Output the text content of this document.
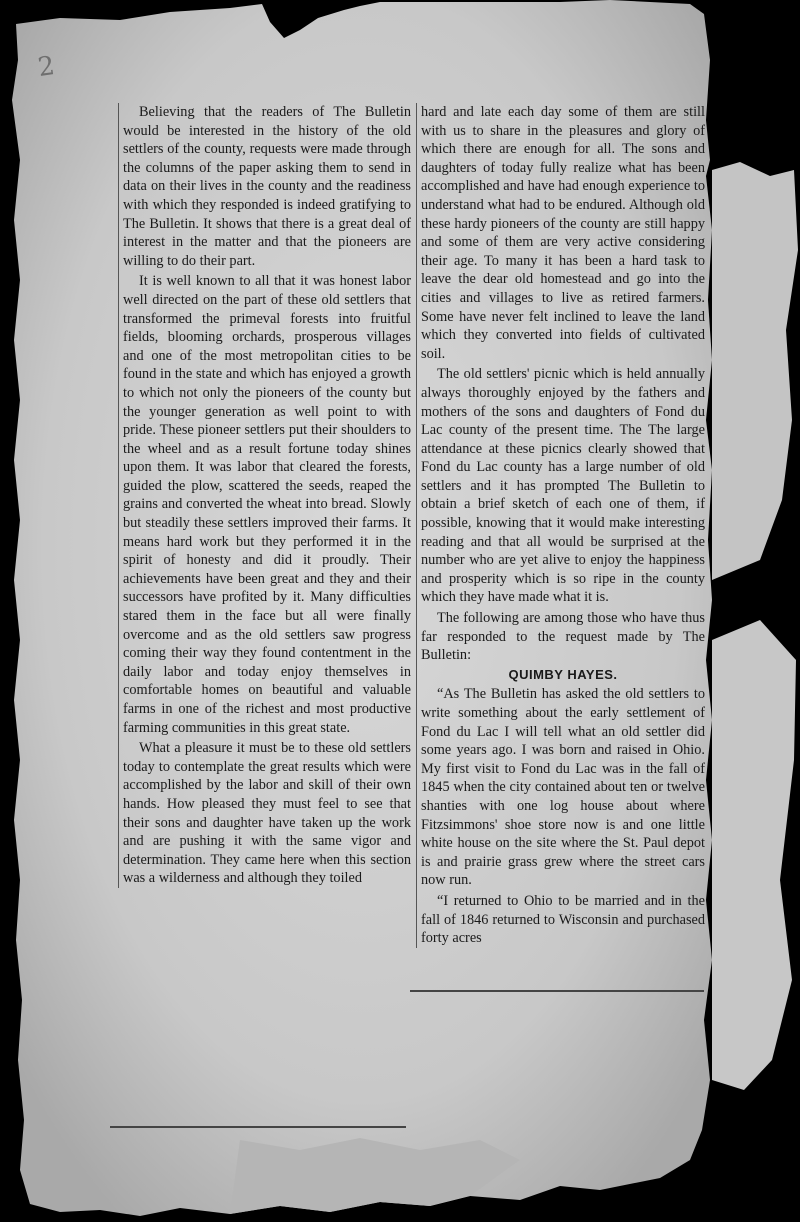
2

Believing that the readers of The Bulletin would be interested in the history of the old settlers of the county, requests were made through the columns of the paper asking them to send in data on their lives in the county and the readiness with which they responded is indeed gratifying to The Bulletin. It shows that there is a great deal of interest in the matter and that the pioneers are willing to do their part.

It is well known to all that it was honest labor well directed on the part of these old settlers that transformed the primeval forests into fruitful fields, blooming orchards, prosperous villages and one of the most metropolitan cities to be found in the state and which has enjoyed a growth to which not only the pioneers of the county but the younger generation as well point to with pride. These pioneer settlers put their shoulders to the wheel and as a result fortune today shines upon them. It was labor that cleared the forests, guided the plow, scattered the seeds, reaped the grains and converted the wheat into bread. Slowly but steadily these settlers improved their farms. It means hard work but they performed it in the spirit of honesty and did it proudly. Their achievements have been great and they and their successors have profited by it. Many difficulties stared them in the face but all were finally overcome and as the old settlers saw progress coming their way they found contentment in the daily labor and today enjoy themselves in comfortable homes on beautiful and valuable farms in one of the richest and most productive farming communities in this great state.

What a pleasure it must be to these old settlers today to contemplate the great results which were accomplished by the labor and skill of their own hands. How pleased they must feel to see that their sons and daughter have taken up the work and are pushing it with the same vigor and determination. They came here when this section was a wilderness and although they toiled

hard and late each day some of them are still with us to share in the pleasures and glory of which there are enough for all. The sons and daughters of today fully realize what has been accomplished and have had enough experience to understand what had to be endured. Although old these hardy pioneers of the county are still happy and some of them are very active considering their age. To many it has been a hard task to leave the dear old homestead and go into the cities and villages to live as retired farmers. Some have never felt inclined to leave the land which they converted into fields of cultivated soil.

The old settlers' picnic which is held annually always thoroughly enjoyed by the fathers and mothers of the sons and daughters of Fond du Lac county of the present time. The The large attendance at these picnics clearly showed that Fond du Lac county has a large number of old settlers and it has prompted The Bulletin to obtain a brief sketch of each one of them, if possible, knowing that it would make interesting reading and that all would be surprised at the number who are yet alive to enjoy the happiness and prosperity which is so ripe in the county which they have made what it is.

The following are among those who have thus far responded to the request made by The Bulletin:

QUIMBY HAYES.

“As The Bulletin has asked the old settlers to write something about the early settlement of Fond du Lac I will tell what an old settler did some years ago. I was born and raised in Ohio. My first visit to Fond du Lac was in the fall of 1845 when the city contained about ten or twelve shanties with one log house about where Fitzsimmons' shoe store now is and one little white house on the site where the St. Paul depot is and prairie grass grew where the street cars now run.

“I returned to Ohio to be married and in the fall of 1846 returned to Wisconsin and purchased forty acres
